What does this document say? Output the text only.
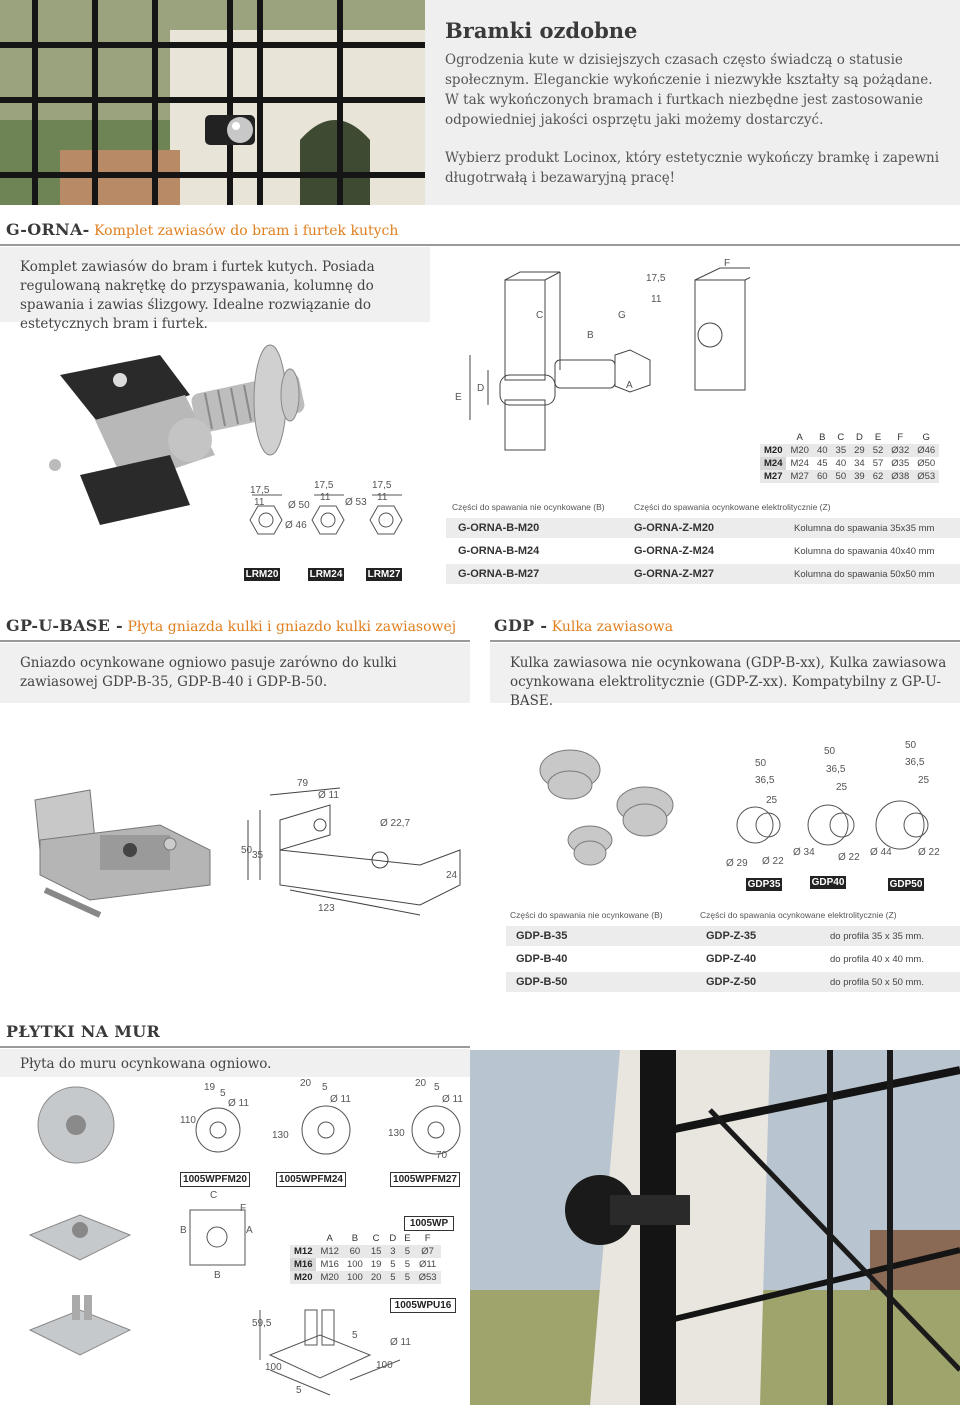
Bramki ozdobne
Ogrodzenia kute w dzisiejszych czasach często świadczą o statusie społecznym. Eleganckie wykończenie i niezwykłe kształty są pożądane. W tak wykończonych bramach i furtkach niezbędne jest zastosowanie odpowiedniej jakości osprzętu jaki możemy dostarczyć.
Wybierz produkt Locinox, który estetycznie wykończy bramkę i zapewni długotrwałą i bezawaryjną pracę!
G-ORNA- Komplet zawiasów do bram i furtek kutych
Komplet zawiasów do bram i furtek kutych. Posiada regulowaną nakrętkę do przyspawania, kolumnę do spawania i zawias ślizgowy. Idealne rozwiązanie do estetycznych bram i furtek.
17,5
11 Ø 50
Ø 46
17,5
11 Ø 53
17,5
11
LRM20	LRM24	LRM27
C
B
G
A
F
E
D
17,5
11
	A	B	C	D	E	F	G
M20	M20	40	35	29	52	Ø32	Ø46
M24	M24	45	40	34	57	Ø35	Ø50
M27	M27	60	50	39	62	Ø38	Ø53
Części do spawania nie ocynkowane (B)	Części do spawania ocynkowane elektrolitycznie (Z)
G-ORNA-B-M20	G-ORNA-Z-M20	Kolumna do spawania 35x35 mm
G-ORNA-B-M24	G-ORNA-Z-M24	Kolumna do spawania 40x40 mm
G-ORNA-B-M27	G-ORNA-Z-M27	Kolumna do spawania 50x50 mm
GP-U-BASE - Płyta gniazda kulki i gniazdo kulki zawiasowej
Gniazdo ocynkowane ogniowo pasuje zarówno do kulki zawiasowej GDP-B-35, GDP-B-40 i GDP-B-50.
79
Ø 11
Ø 22,7
50 35
24
123
GDP - Kulka zawiasowa
Kulka zawiasowa nie ocynkowana (GDP-B-xx), Kulka zawiasowa ocynkowana elektrolitycznie (GDP-Z-xx). Kompatybilny z GP-U-BASE.
50
36,5
25
Ø 29 Ø 22
50
36,5
25
Ø 34 Ø 22
50
36,5
25
Ø 44	Ø 22
GDP35	GDP40	GDP50
Części do spawania nie ocynkowane (B)	Części do spawania ocynkowane elektrolitycznie (Z)
GDP-B-35	GDP-Z-35	do profila 35 x 35 mm.
GDP-B-40	GDP-Z-40	do profila 40 x 40 mm.
GDP-B-50	GDP-Z-50	do profila 50 x 50 mm.
PŁYTKI NA MUR
Płyta do muru ocynkowana ogniowo.
110
19
5
Ø 11
130
20 5
Ø 11
130
20 5
Ø 11
70
1005WPFM20	1005WPFM24	1005WPFM27
C
F
B	A
B
1005WP
	A	B	C	D	E	F
M12	M12	60	15	3	5	Ø7
M16	M16	100	19	5	5	Ø11
M20	M20	100	20	5	5	Ø53
1005WPU16
59,5
5
Ø 11
100	100
5
